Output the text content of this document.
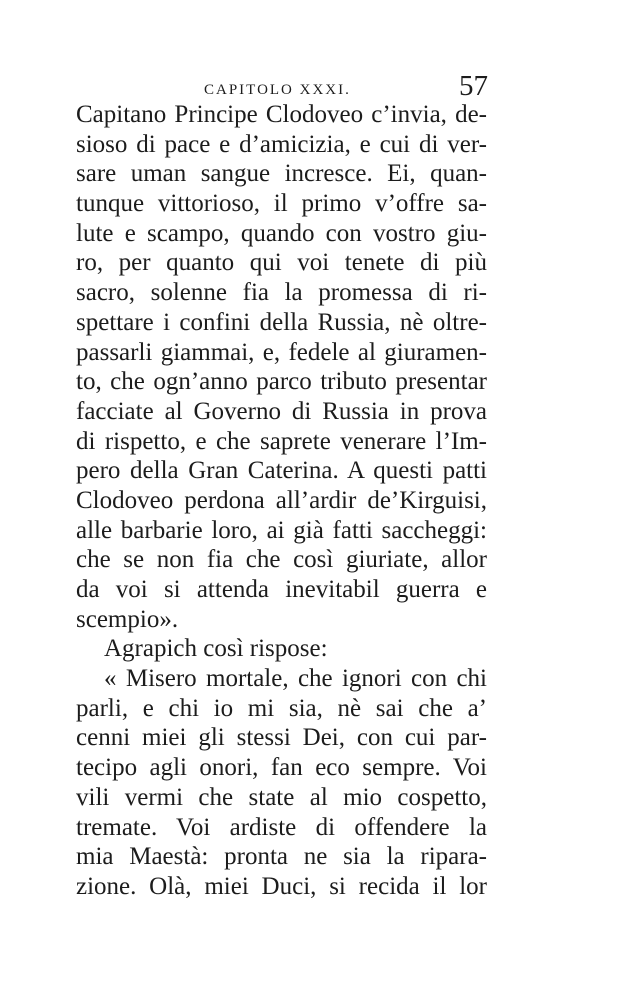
CAPITOLO XXXI.	57
Capitano Principe Clodoveo c’invia, de-
sioso di pace e d’amicizia, e cui di ver-
sare uman sangue increscе. Ei, quan-
tunque vittorioso, il primo v’offre sa-
lute e scampo, quando con vostro giu-
ro, per quanto qui voi tenete di più
sacro, solenne fia la promessa di ri-
spettare i confini della Russia, nè oltre-
passarli giammai, e, fedele al giuramen-
to, che ogn’anno parco tributo presentar
facciate al Governo di Russia in prova
di rispetto, e che saprete venerare l’Im-
pero della Gran Caterina. A questi patti
Clodoveo perdona all’ardir de’Kirguisi,
alle barbarie loro, ai già fatti saccheggi:
che se non fia che così giuriate, allor
da voi si attenda inevitabil guerra e
scempio».
Agrapich così rispose:
« Misero mortale, che ignori con chi
parli, e chi io mi sia, nè sai che a’
cenni miei gli stessi Dei, con cui par-
tecipo agli onori, fan eco sempre. Voi
vili vermi che state al mio cospetto,
tremate. Voi ardiste di offendere la
mia Maestà: pronta ne sia la ripara-
zione. Olà, miei Duci, si recida il lor
